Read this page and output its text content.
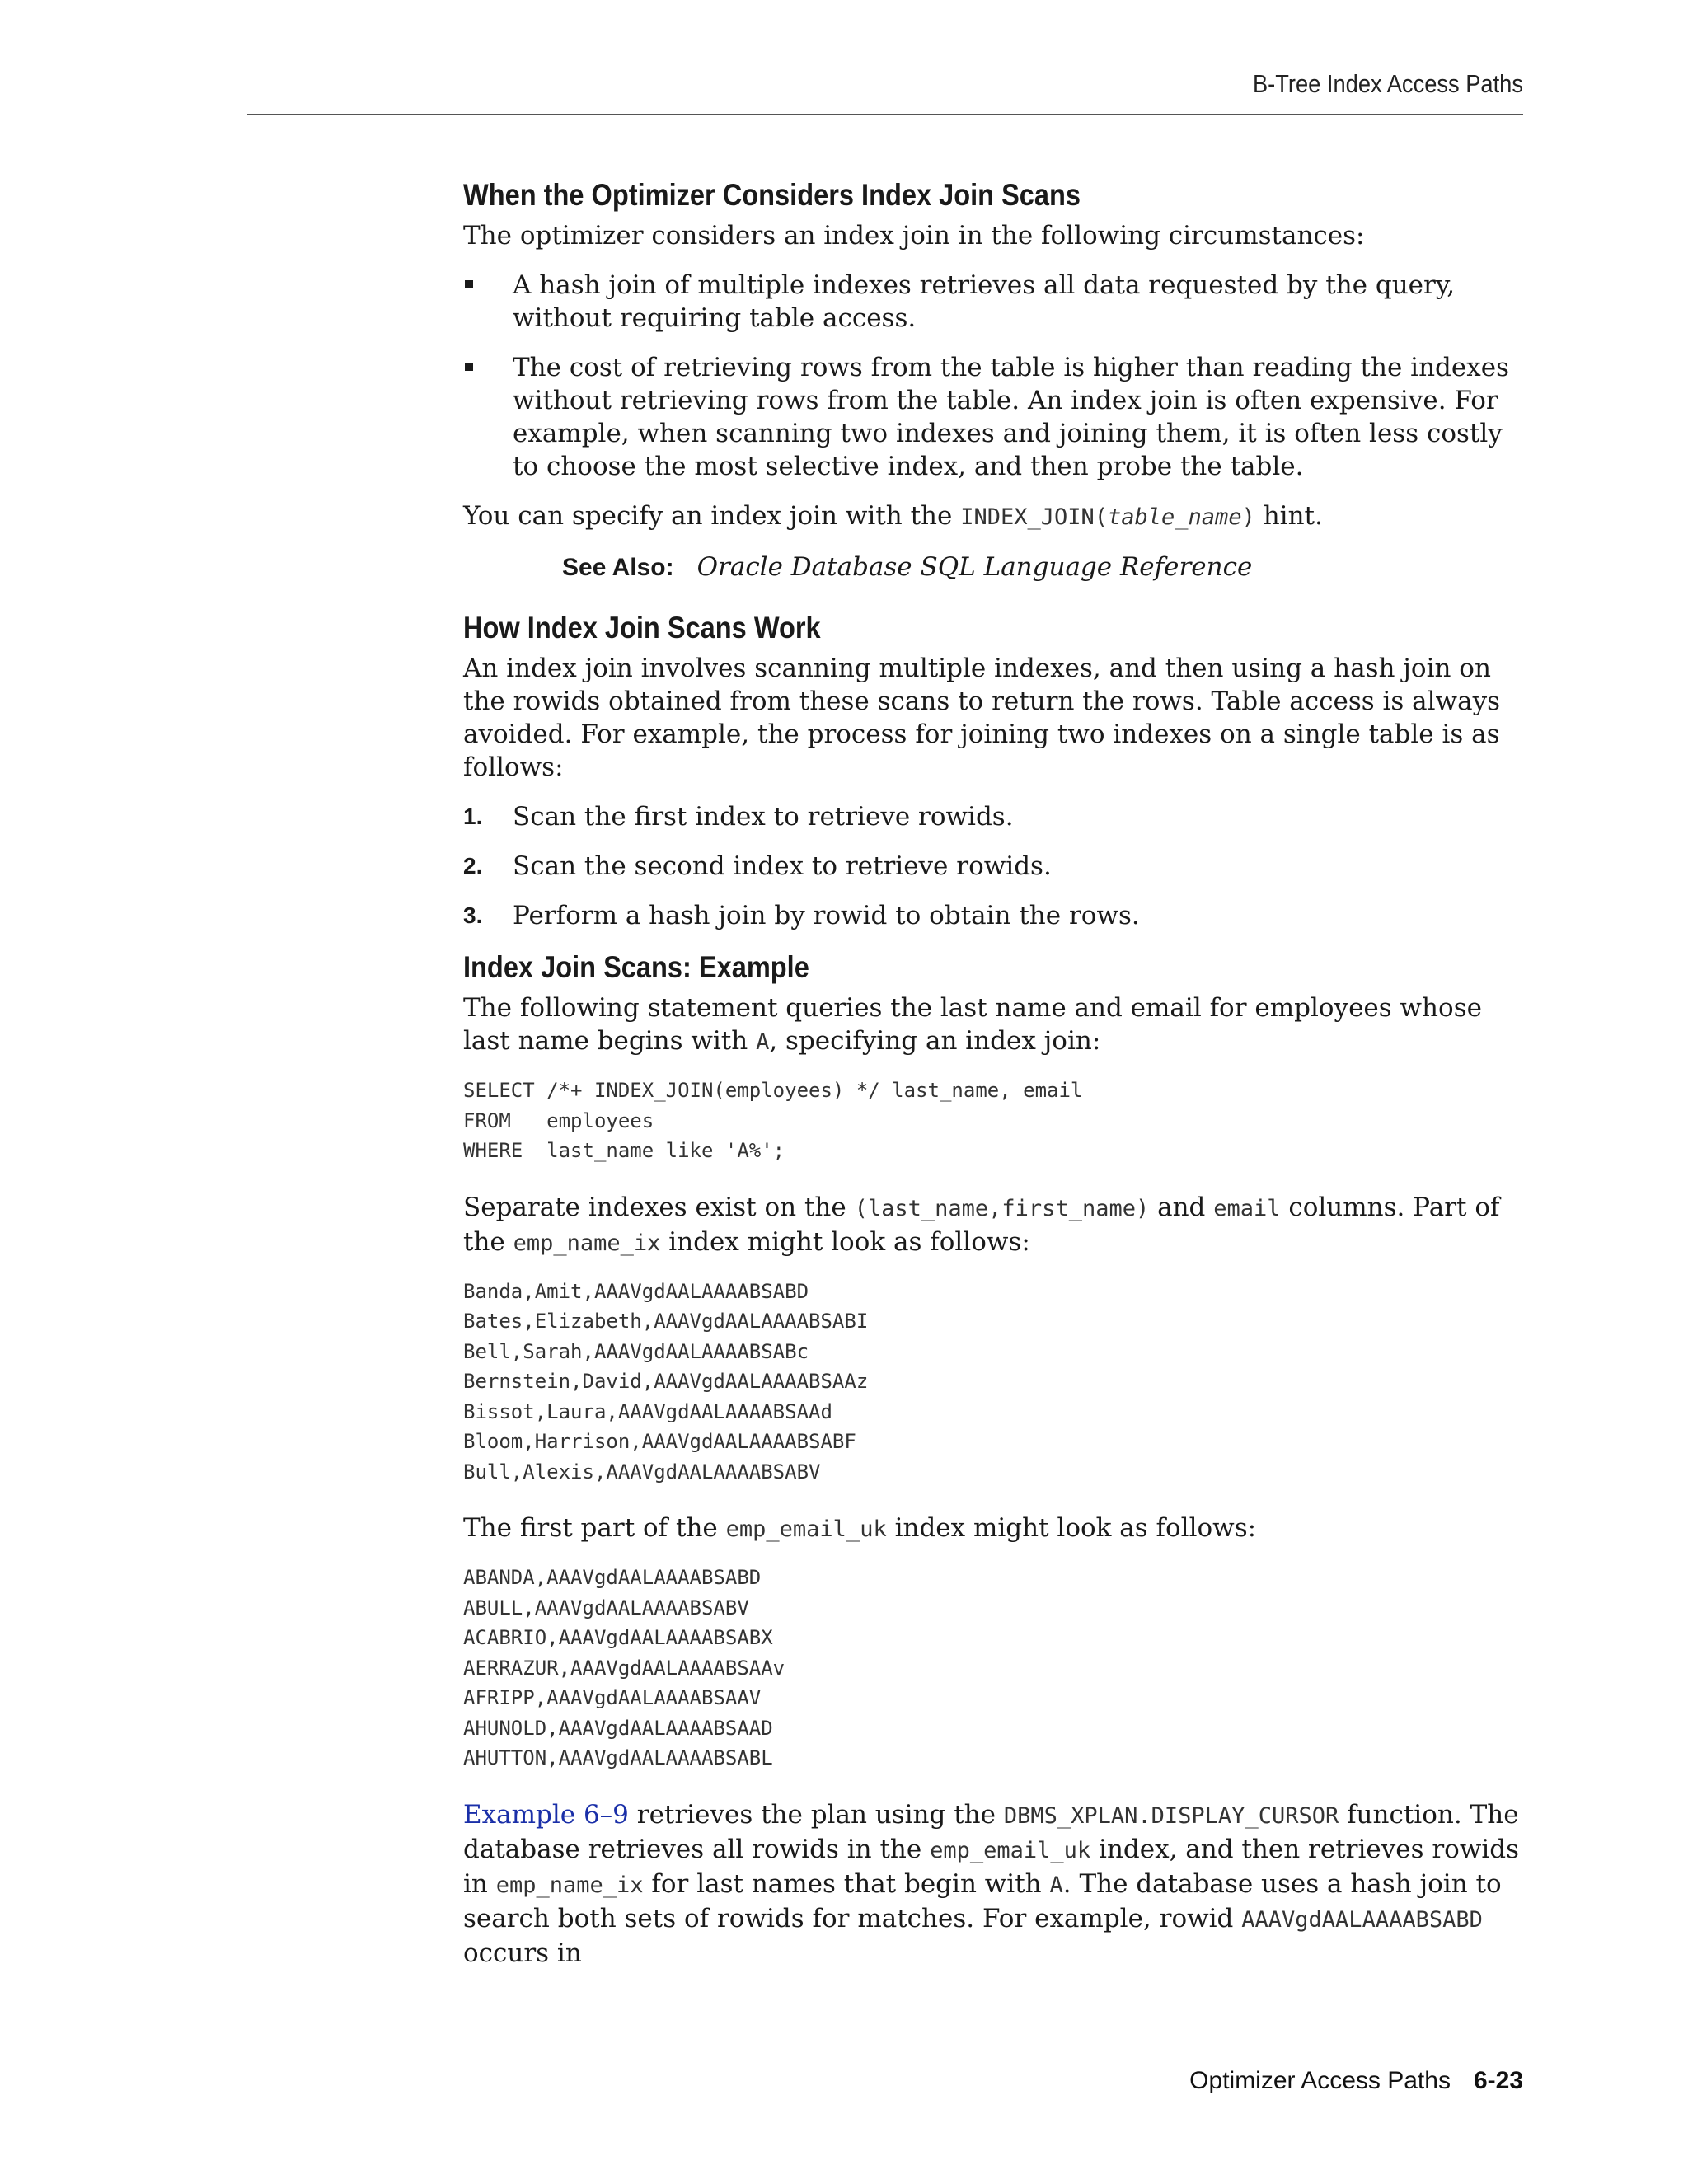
B-Tree Index Access Paths
When the Optimizer Considers Index Join Scans

The optimizer considers an index join in the following circumstances:

A hash join of multiple indexes retrieves all data requested by the query, without requiring table access.
The cost of retrieving rows from the table is higher than reading the indexes without retrieving rows from the table. An index join is often expensive. For example, when scanning two indexes and joining them, it is often less costly to choose the most selective index, and then probe the table.

You can specify an index join with the INDEX_JOIN(table_name) hint.

See Also: Oracle Database SQL Language Reference
How Index Join Scans Work

An index join involves scanning multiple indexes, and then using a hash join on the rowids obtained from these scans to return the rows. Table access is always avoided. For example, the process for joining two indexes on a single table is as follows:

1. Scan the first index to retrieve rowids.
2. Scan the second index to retrieve rowids.
3. Perform a hash join by rowid to obtain the rows.
Index Join Scans: Example

The following statement queries the last name and email for employees whose last name begins with A, specifying an index join:

SELECT /*+ INDEX_JOIN(employees) */ last_name, email
FROM   employees
WHERE  last_name like 'A%';

Separate indexes exist on the (last_name,first_name) and email columns. Part of the emp_name_ix index might look as follows:

Banda,Amit,AAAVgdAALAAAABSABD
Bates,Elizabeth,AAAVgdAALAAAABSABI
Bell,Sarah,AAAVgdAALAAAABSABc
Bernstein,David,AAAVgdAALAAAABSAAz
Bissot,Laura,AAAVgdAALAAAABSAAd
Bloom,Harrison,AAAVgdAALAAAABSABF
Bull,Alexis,AAAVgdAALAAAABSABV

The first part of the emp_email_uk index might look as follows:

ABANDA,AAAVgdAALAAAABSABD
ABULL,AAAVgdAALAAAABSABV
ACABRIO,AAAVgdAALAAAABSABX
AERRAZUR,AAAVgdAALAAAABSAAv
AFRIPP,AAAVgdAALAAAABSAAV
AHUNOLD,AAAVgdAALAAAABSAAD
AHUTTON,AAAVgdAALAAAABSABL

Example 6–9 retrieves the plan using the DBMS_XPLAN.DISPLAY_CURSOR function. The database retrieves all rowids in the emp_email_uk index, and then retrieves rowids in emp_name_ix for last names that begin with A. The database uses a hash join to search both sets of rowids for matches. For example, rowid AAAVgdAALAAAABSABD occurs in

Optimizer Access Paths 6-23
